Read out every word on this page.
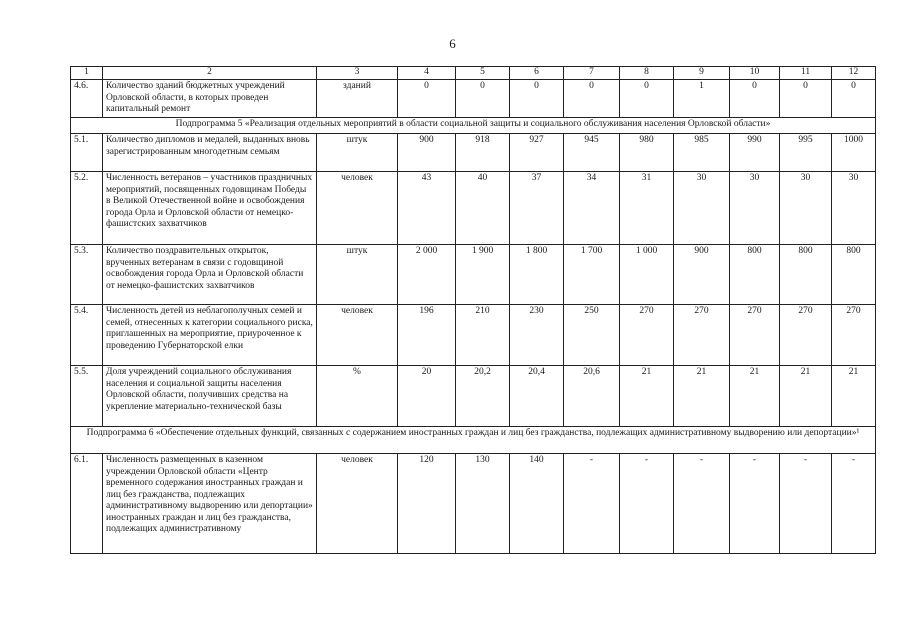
6
1	2	3	4	5	6	7	8	9	10	11	12
4.6.	Количество зданий бюджетных учреждений Орловской области, в которых проведен капитальный ремонт	зданий	0	0	0	0	0	1	0	0	0
Подпрограмма 5 «Реализация отдельных мероприятий в области социальной защиты и социального обслуживания населения Орловской области»											
5.1.	Количество дипломов и медалей, выданных вновь зарегистрированным многодетным семьям	штук	900	918	927	945	980	985	990	995	1000
5.2.	Численность ветеранов – участников праздничных мероприятий, посвященных годовщинам Победы в Великой Отечественной войне и освобождения города Орла и Орловской области от немецко-фашистских захватчиков	человек	43	40	37	34	31	30	30	30	30
5.3.	Количество поздравительных открыток, врученных ветеранам в связи с годовщиной освобождения города Орла и Орловской области от немецко-фашистских захватчиков	штук	2 000	1 900	1 800	1 700	1 000	900	800	800	800
5.4.	Численность детей из неблагополучных семей и семей, отнесенных к категории социального риска, приглашенных на мероприятие, приуроченное к проведению Губернаторской елки	человек	196	210	230	250	270	270	270	270	270
5.5.	Доля учреждений социального обслуживания населения и социальной защиты населения Орловской области, получивших средства на укрепление материально-технической базы	%	20	20,2	20,4	20,6	21	21	21	21	21
Подпрограмма 6 «Обеспечение отдельных функций, связанных с содержанием иностранных граждан и лиц без гражданства, подлежащих административному выдворению или депортации»¹											
6.1.	Численность размещенных в казенном учреждении Орловской области «Центр временного содержания иностранных граждан и лиц без гражданства, подлежащих административному выдворению или депортации» иностранных граждан и лиц без гражданства, подлежащих административному	человек	120	130	140	-	-	-	-	-	-
